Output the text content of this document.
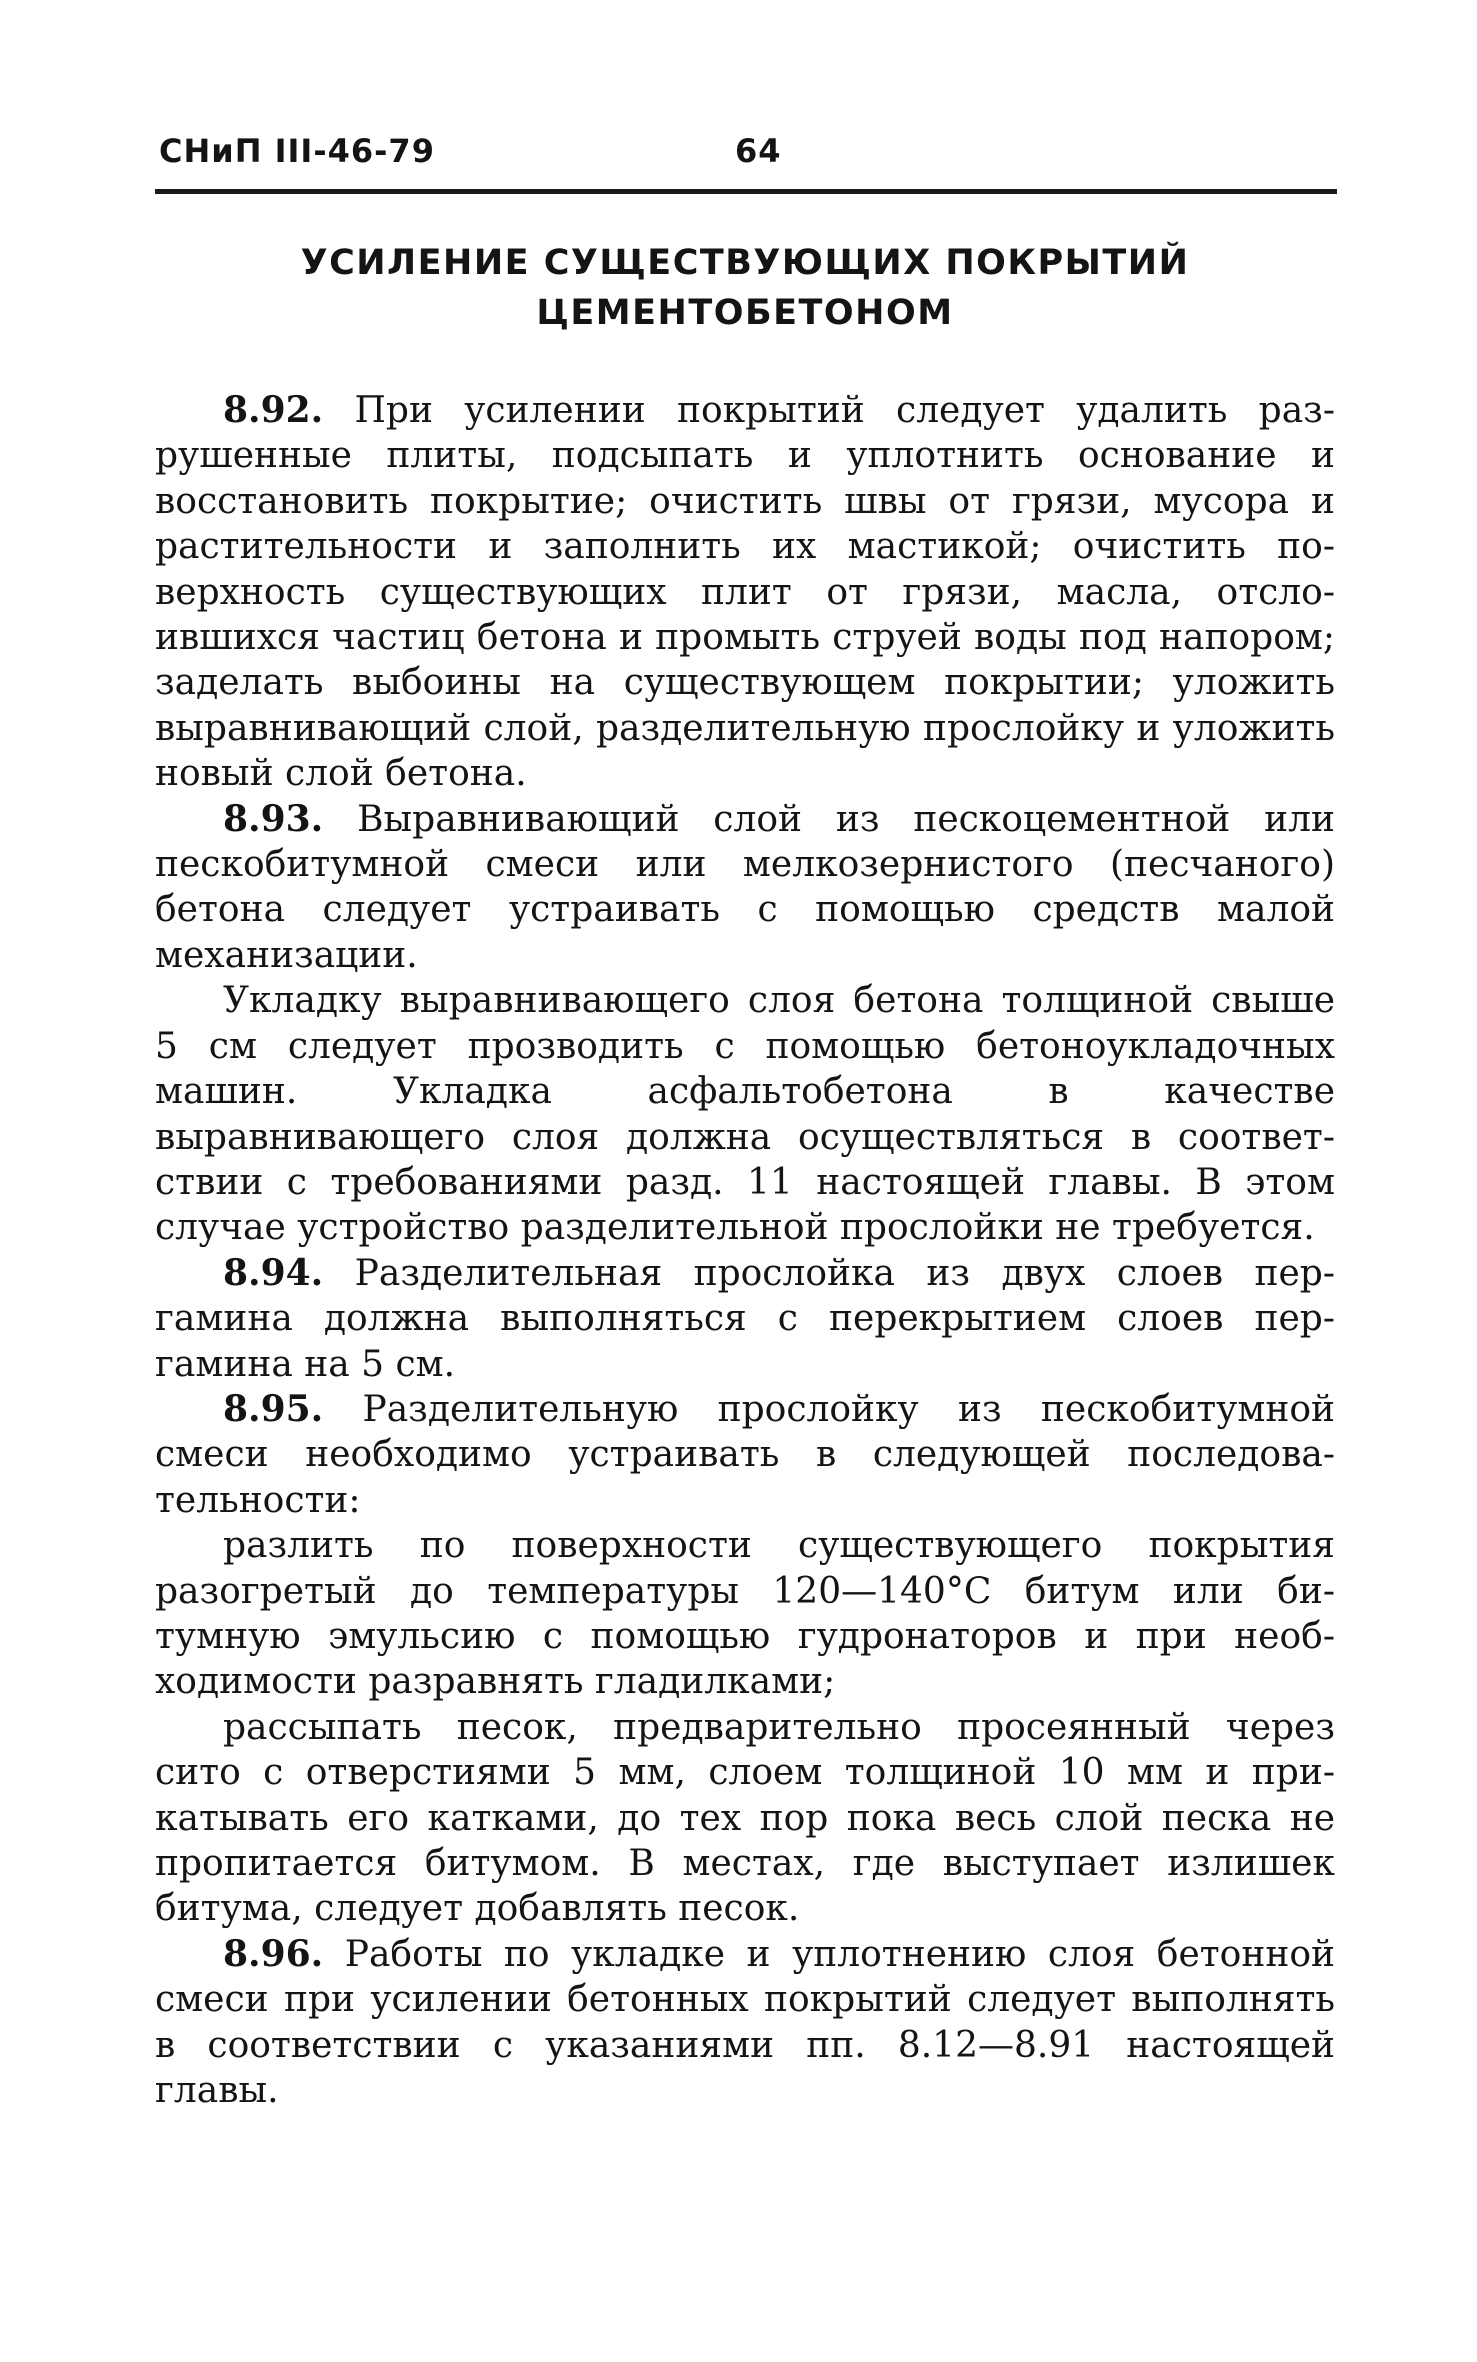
СНиП III-46-79	64
УСИЛЕНИЕ СУЩЕСТВУЮЩИХ ПОКРЫТИЙ
ЦЕМЕНТОБЕТОНОМ

8.92. При усилении покрытий следует удалить разрушенные плиты, подсыпать и уплотнить основание и восстановить покрытие; очистить швы от грязи, мусора и растительности и заполнить их мастикой; очистить поверхность существующих плит от грязи, масла, отслоившихся частиц бетона и промыть струей воды под напором; заделать выбоины на существующем покрытии; уложить выравнивающий слой, разделительную прослойку и уложить новый слой бетона.

8.93. Выравнивающий слой из пескоцементной или пескобитумной смеси или мелкозернистого (песчаного) бетона следует устраивать с помощью средств малой механизации.

Укладку выравнивающего слоя бетона толщиной свыше 5 см следует прозводить с помощью бетоноукладочных машин. Укладка асфальтобетона в качестве выравнивающего слоя должна осуществляться в соответствии с требованиями разд. 11 настоящей главы. В этом случае устройство разделительной прослойки не требуется.

8.94. Разделительная прослойка из двух слоев пергамина должна выполняться с перекрытием слоев пергамина на 5 см.

8.95. Разделительную прослойку из пескобитумной смеси необходимо устраивать в следующей последовательности:

разлить по поверхности существующего покрытия разогретый до температуры 120—140°С битум или битумную эмульсию с помощью гудронаторов и при необходимости разравнять гладилками;

рассыпать песок, предварительно просеянный через сито с отверстиями 5 мм, слоем толщиной 10 мм и прикатывать его катками, до тех пор пока весь слой песка не пропитается битумом. В местах, где выступает излишек битума, следует добавлять песок.

8.96. Работы по укладке и уплотнению слоя бетонной смеси при усилении бетонных покрытий следует выполнять в соответствии с указаниями пп. 8.12—8.91 настоящей главы.
